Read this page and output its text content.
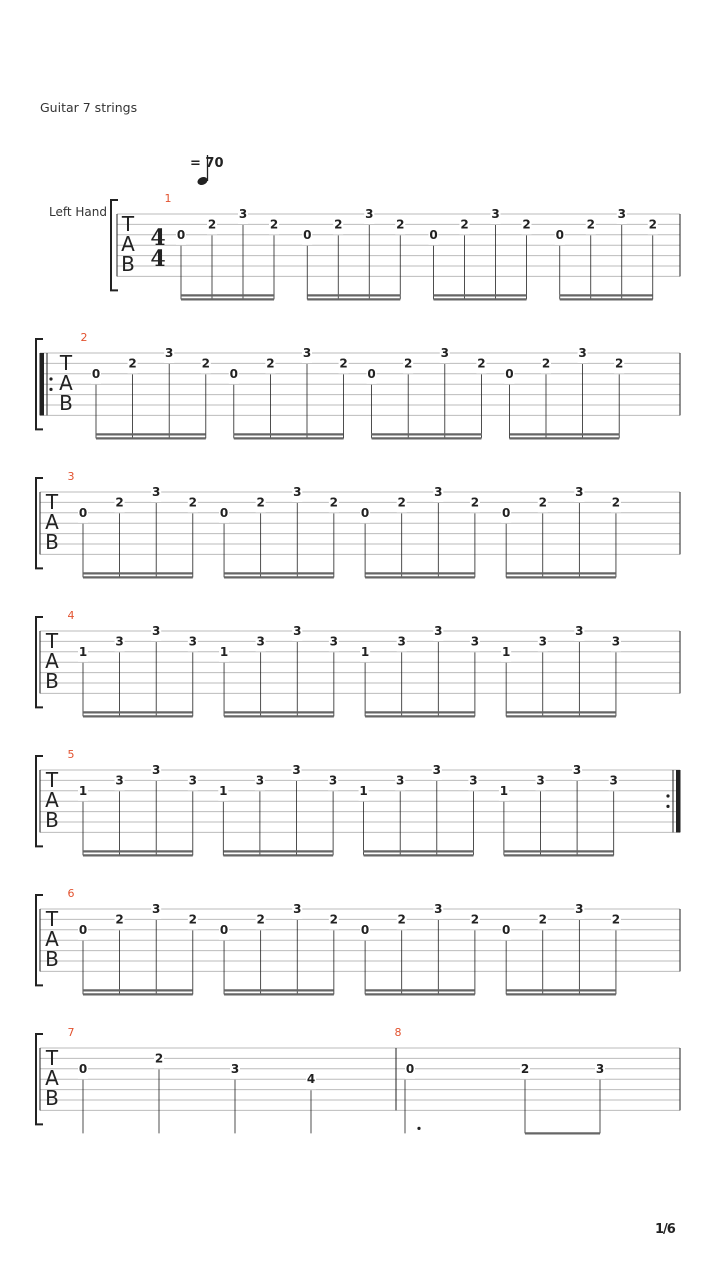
Guitar 7 strings
= 70
Left Hand T
A
B
T
A
B
T
A
B
T
A
B
T
A
B
T
A
B
T
A
B
4
4
1
2
3
4
5
6
7	8
0
2
3
2
0
2
3
2
0
2
3
2
0
2
3
2
0
2
3
2
0
2
3
2
0
2
3
2
0
2
3
2
0
2
3
2
0
2
3
2
0
2
3
2
0
2
3
2
1
3
3
3
1
3
3
3
1
3
3
3
1
3
3
3
1
3
3
3
1
3
3
3
1
3
3
3
1
3
3
3
0
2
3
2
0
2
3
2
0
2
3
2
0
2
3
2
0
2
3
4
0	2	3
1/6
